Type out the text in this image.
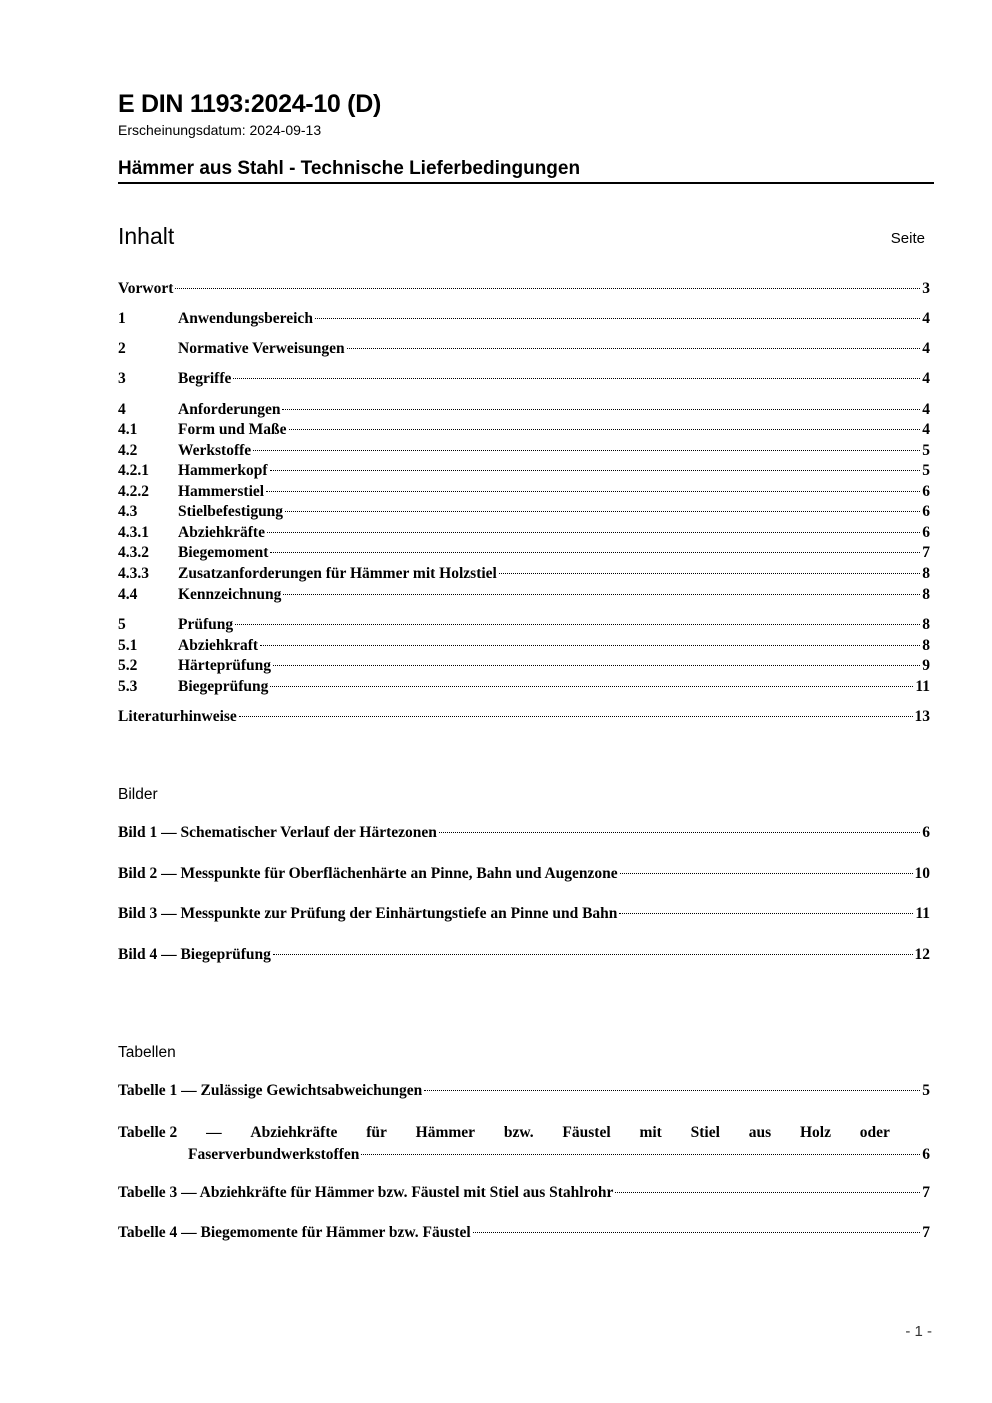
E DIN 1193:2024-10 (D)
Erscheinungsdatum: 2024-09-13
Hämmer aus Stahl - Technische Lieferbedingungen
Inhalt	Seite
Vorwort	3
1	Anwendungsbereich	4
2	Normative Verweisungen	4
3	Begriffe	4
4	Anforderungen	4
4.1	Form und Maße	4
4.2	Werkstoffe	5
4.2.1	Hammerkopf	5
4.2.2	Hammerstiel	6
4.3	Stielbefestigung	6
4.3.1	Abziehkräfte	6
4.3.2	Biegemoment	7
4.3.3	Zusatzanforderungen für Hämmer mit Holzstiel	8
4.4	Kennzeichnung	8
5	Prüfung	8
5.1	Abziehkraft	8
5.2	Härteprüfung	9
5.3	Biegeprüfung	11
Literaturhinweise	13
Bilder
Bild 1 — Schematischer Verlauf der Härtezonen	6
Bild 2 — Messpunkte für Oberflächenhärte an Pinne, Bahn und Augenzone	10
Bild 3 — Messpunkte zur Prüfung der Einhärtungstiefe an Pinne und Bahn	11
Bild 4 — Biegeprüfung	12
Tabellen
Tabelle 1 — Zulässige Gewichtsabweichungen	5
Tabelle 2 — Abziehkräfte für Hämmer bzw. Fäustel mit Stiel aus Holz oder
Faserverbundwerkstoffen	6
Tabelle 3 — Abziehkräfte für Hämmer bzw. Fäustel mit Stiel aus Stahlrohr	7
Tabelle 4 — Biegemomente für Hämmer bzw. Fäustel	7
- 1 -
